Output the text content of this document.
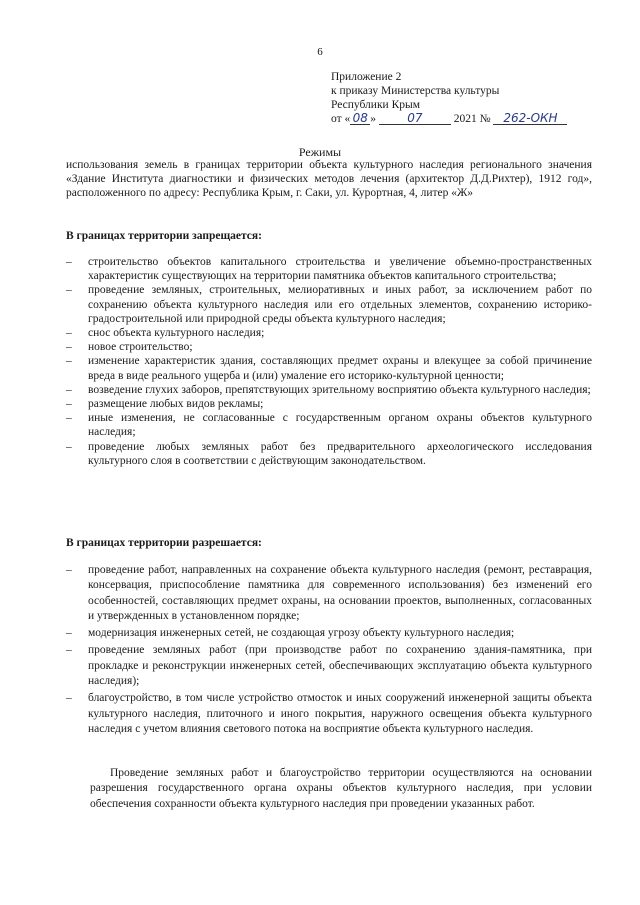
6
Приложение 2
к приказу Министерства культуры
Республики Крым
от « 08 »	07	2021 № 262-ОКН
Режимы
использования земель в границах территории объекта культурного наследия регионального значения «Здание Института диагностики и физических методов лечения (архитектор Д.Д.Рихтер), 1912 год», расположенного по адресу: Республика Крым, г. Саки, ул. Курортная, 4, литер «Ж»
В границах территории запрещается:
– строительство объектов капитального строительства и увеличение объемно-пространственных характеристик существующих на территории памятника объектов капитального строительства;
– проведение земляных, строительных, мелиоративных и иных работ, за исключением работ по сохранению объекта культурного наследия или его отдельных элементов, сохранению историко-градостроительной или природной среды объекта культурного наследия;
– снос объекта культурного наследия;
– новое строительство;
– изменение характеристик здания, составляющих предмет охраны и влекущее за собой причинение вреда в виде реального ущерба и (или) умаление его историко-культурной ценности;
– возведение глухих заборов, препятствующих зрительному восприятию объекта культурного наследия;
– размещение любых видов рекламы;
– иные изменения, не согласованные с государственным органом охраны объектов культурного наследия;
– проведение любых земляных работ без предварительного археологического исследования культурного слоя в соответствии с действующим законодательством.
В границах территории разрешается:
– проведение работ, направленных на сохранение объекта культурного наследия (ремонт, реставрация, консервация, приспособление памятника для современного использования) без изменений его особенностей, составляющих предмет охраны, на основании проектов, выполненных, согласованных и утвержденных в установленном порядке;
– модернизация инженерных сетей, не создающая угрозу объекту культурного наследия;
– проведение земляных работ (при производстве работ по сохранению здания-памятника, при прокладке и реконструкции инженерных сетей, обеспечивающих эксплуатацию объекта культурного наследия);
– благоустройство, в том числе устройство отмосток и иных сооружений инженерной защиты объекта культурного наследия, плиточного и иного покрытия, наружного освещения объекта культурного наследия с учетом влияния светового потока на восприятие объекта культурного наследия.
Проведение земляных работ и благоустройство территории осуществляются на основании разрешения государственного органа охраны объектов культурного наследия, при условии обеспечения сохранности объекта культурного наследия при проведении указанных работ.
